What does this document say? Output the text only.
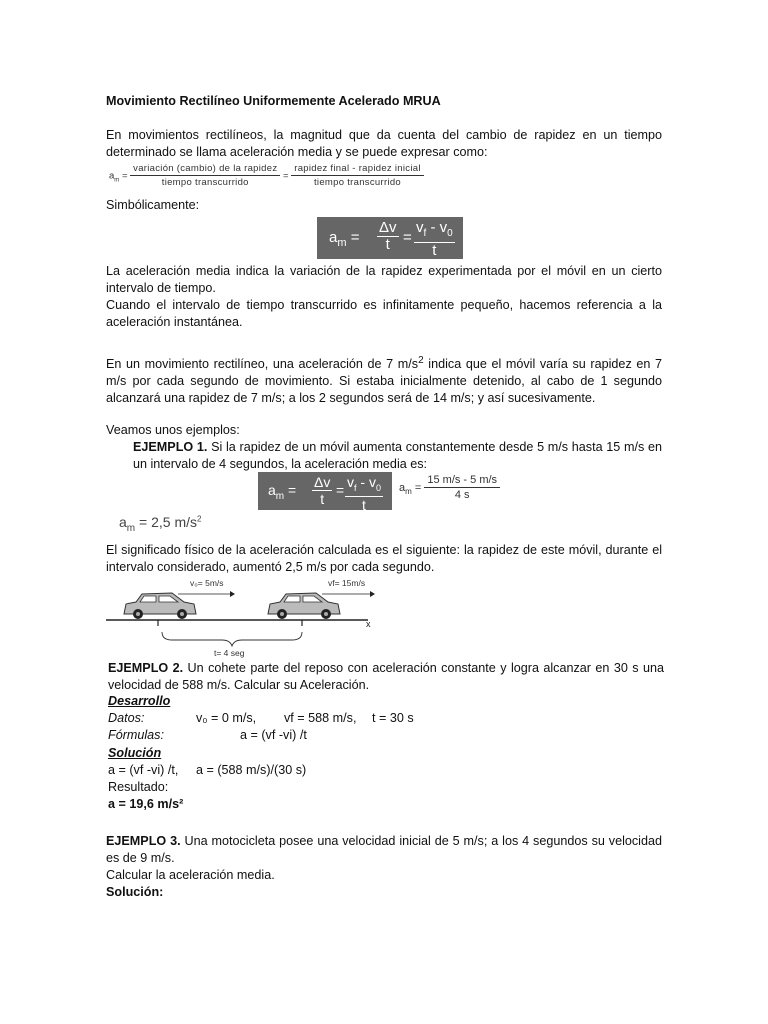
Movimiento Rectilíneo Uniformemente Acelerado MRUA
En movimientos rectilíneos, la magnitud que da cuenta del cambio de rapidez en un tiempo determinado se llama aceleración media y se puede expresar como:
$a_m = \frac{\text{variación (cambio) de la rapidez}}{\text{tiempo transcurrido}} = \frac{\text{rapidez final - rapidez inicial}}{\text{tiempo transcurrido}}$
Simbólicamente:
$a_m = \frac{\Delta v}{t} = \frac{v_f - v_0}{t}$
La aceleración media indica la variación de la rapidez experimentada por el móvil en un cierto intervalo de tiempo.
Cuando el intervalo de tiempo transcurrido es infinitamente pequeño, hacemos referencia a la aceleración instantánea.
En un movimiento rectilíneo, una aceleración de 7 $m/s^2$ indica que el móvil varía su rapidez en 7 m/s por cada segundo de movimiento. Si estaba inicialmente detenido, al cabo de 1 segundo alcanzará una rapidez de 7 m/s; a los 2 segundos será de 14 m/s; y así sucesivamente.
Veamos unos ejemplos:
EJEMPLO 1. Si la rapidez de un móvil aumenta constantemente desde 5 m/s hasta 15 m/s en un intervalo de 4 segundos, la aceleración media es:
$a_m = \frac{\Delta v}{t} = \frac{v_f - v_0}{t} a_m = \frac{15 m/s - 5 m/s}{4 s}$
$a_m = 2,5$ $m/s^2$
El significado físico de la aceleración calculada es el siguiente: la rapidez de este móvil, durante el intervalo considerado, aumentó 2,5 m/s por cada segundo.
v₀= 5m/s	vf= 15m/s
x
t= 4 seg
EJEMPLO 2. Un cohete parte del reposo con aceleración constante y logra alcanzar en 30 s una velocidad de 588 m/s. Calcular su Aceleración.
Desarrollo
Datos:	v₀ = 0 m/s, vf = 588 m/s, t = 30 s
Fórmulas:	a = (vf -vi) /t
Solución
a = (vf -vi) /t, a = (588 m/s)/(30 s)
Resultado:
a = 19,6 m/s²
EJEMPLO 3. Una motocicleta posee una velocidad inicial de 5 m/s; a los 4 segundos su velocidad es de 9 m/s.
Calcular la aceleración media.
Solución:
